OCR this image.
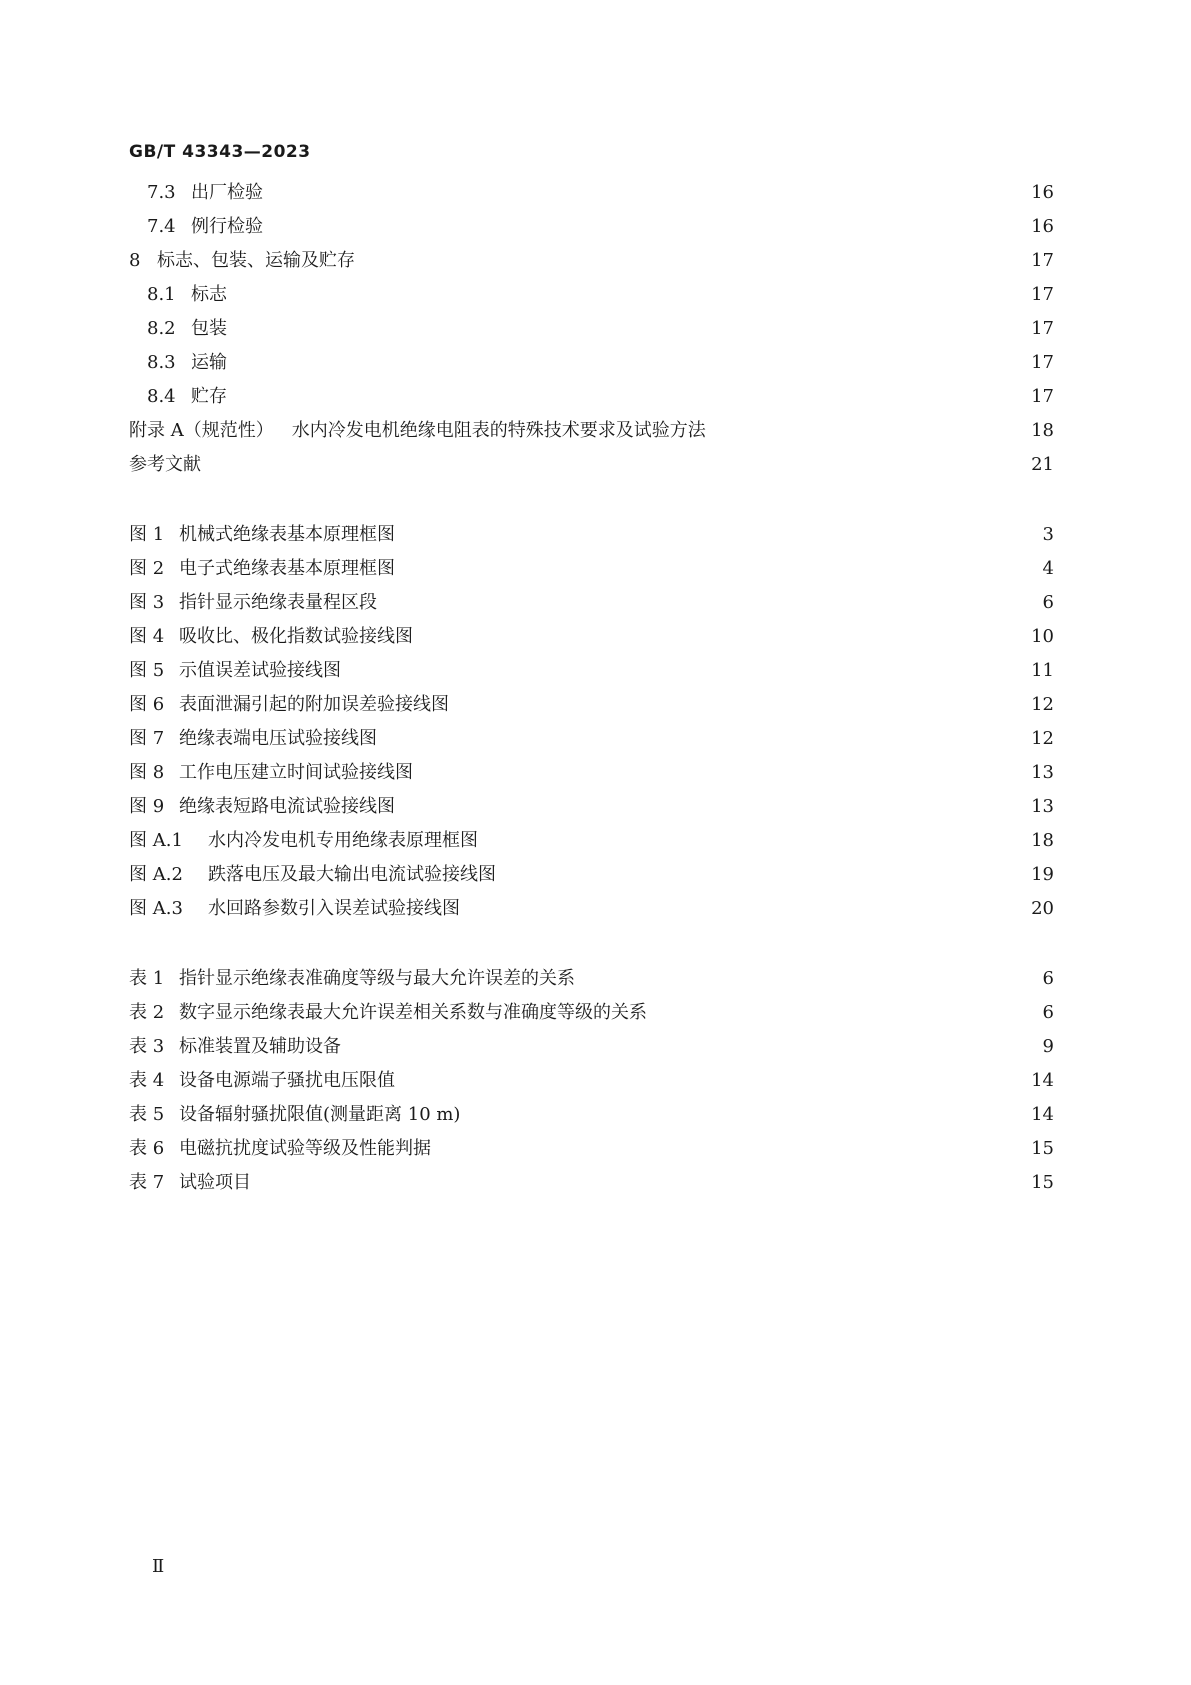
GB/T 43343—2023
7.3 出厂检验	16
7.4 例行检验	16
8 标志、包装、运输及贮存	17
8.1 标志	17
8.2 包装	17
8.3 运输	17
8.4 贮存	17
附录 A（规范性） 水内冷发电机绝缘电阻表的特殊技术要求及试验方法	18
参考文献	21
图 1 机械式绝缘表基本原理框图	3
图 2 电子式绝缘表基本原理框图	4
图 3 指针显示绝缘表量程区段	6
图 4 吸收比、极化指数试验接线图	10
图 5 示值误差试验接线图	11
图 6 表面泄漏引起的附加误差验接线图	12
图 7 绝缘表端电压试验接线图	12
图 8 工作电压建立时间试验接线图	13
图 9 绝缘表短路电流试验接线图	13
图 A.1	水内冷发电机专用绝缘表原理框图	18
图 A.2	跌落电压及最大输出电流试验接线图	19
图 A.3	水回路参数引入误差试验接线图	20
表 1 指针显示绝缘表准确度等级与最大允许误差的关系	6
表 2 数字显示绝缘表最大允许误差相关系数与准确度等级的关系	6
表 3 标准装置及辅助设备	9
表 4 设备电源端子骚扰电压限值	14
表 5 设备辐射骚扰限值(测量距离 10 m)	14
表 6 电磁抗扰度试验等级及性能判据	15
表 7 试验项目	15
Ⅱ
